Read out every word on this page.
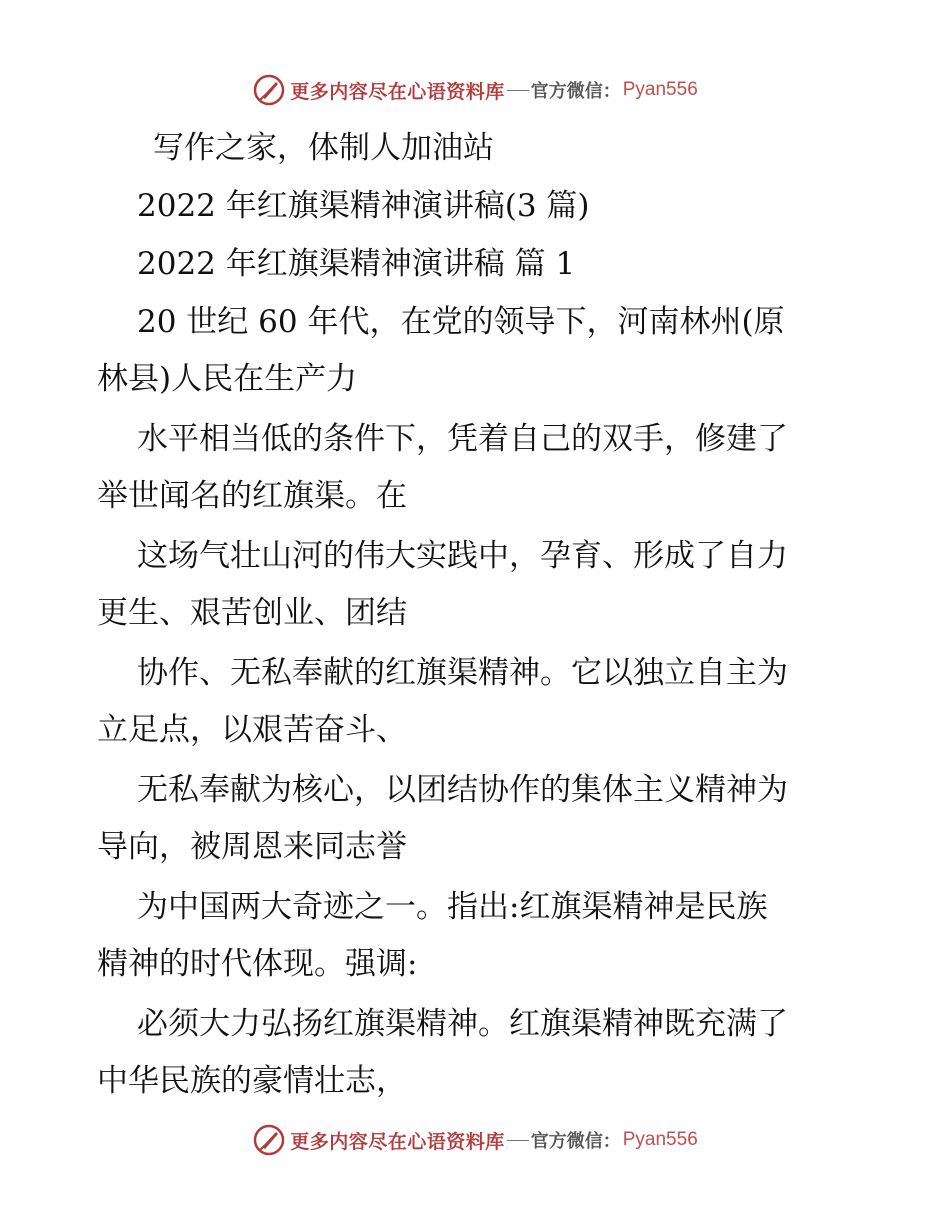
更多内容尽在心语资料库 官方微信： Pyan556
写作之家，体制人加油站
2022 年红旗渠精神演讲稿(3 篇)
2022 年红旗渠精神演讲稿 篇 1
20 世纪 60 年代，在党的领导下，河南林州(原
林县)人民在生产力
水平相当低的条件下，凭着自己的双手，修建了
举世闻名的红旗渠。在
这场气壮山河的伟大实践中，孕育、形成了自力
更生、艰苦创业、团结
协作、无私奉献的红旗渠精神。它以独立自主为
立足点，以艰苦奋斗、
无私奉献为核心，以团结协作的集体主义精神为
导向，被周恩来同志誉
为中国两大奇迹之一。指出:红旗渠精神是民族
精神的时代体现。强调:
必须大力弘扬红旗渠精神。红旗渠精神既充满了
中华民族的豪情壮志，
更多内容尽在心语资料库 官方微信： Pyan556
